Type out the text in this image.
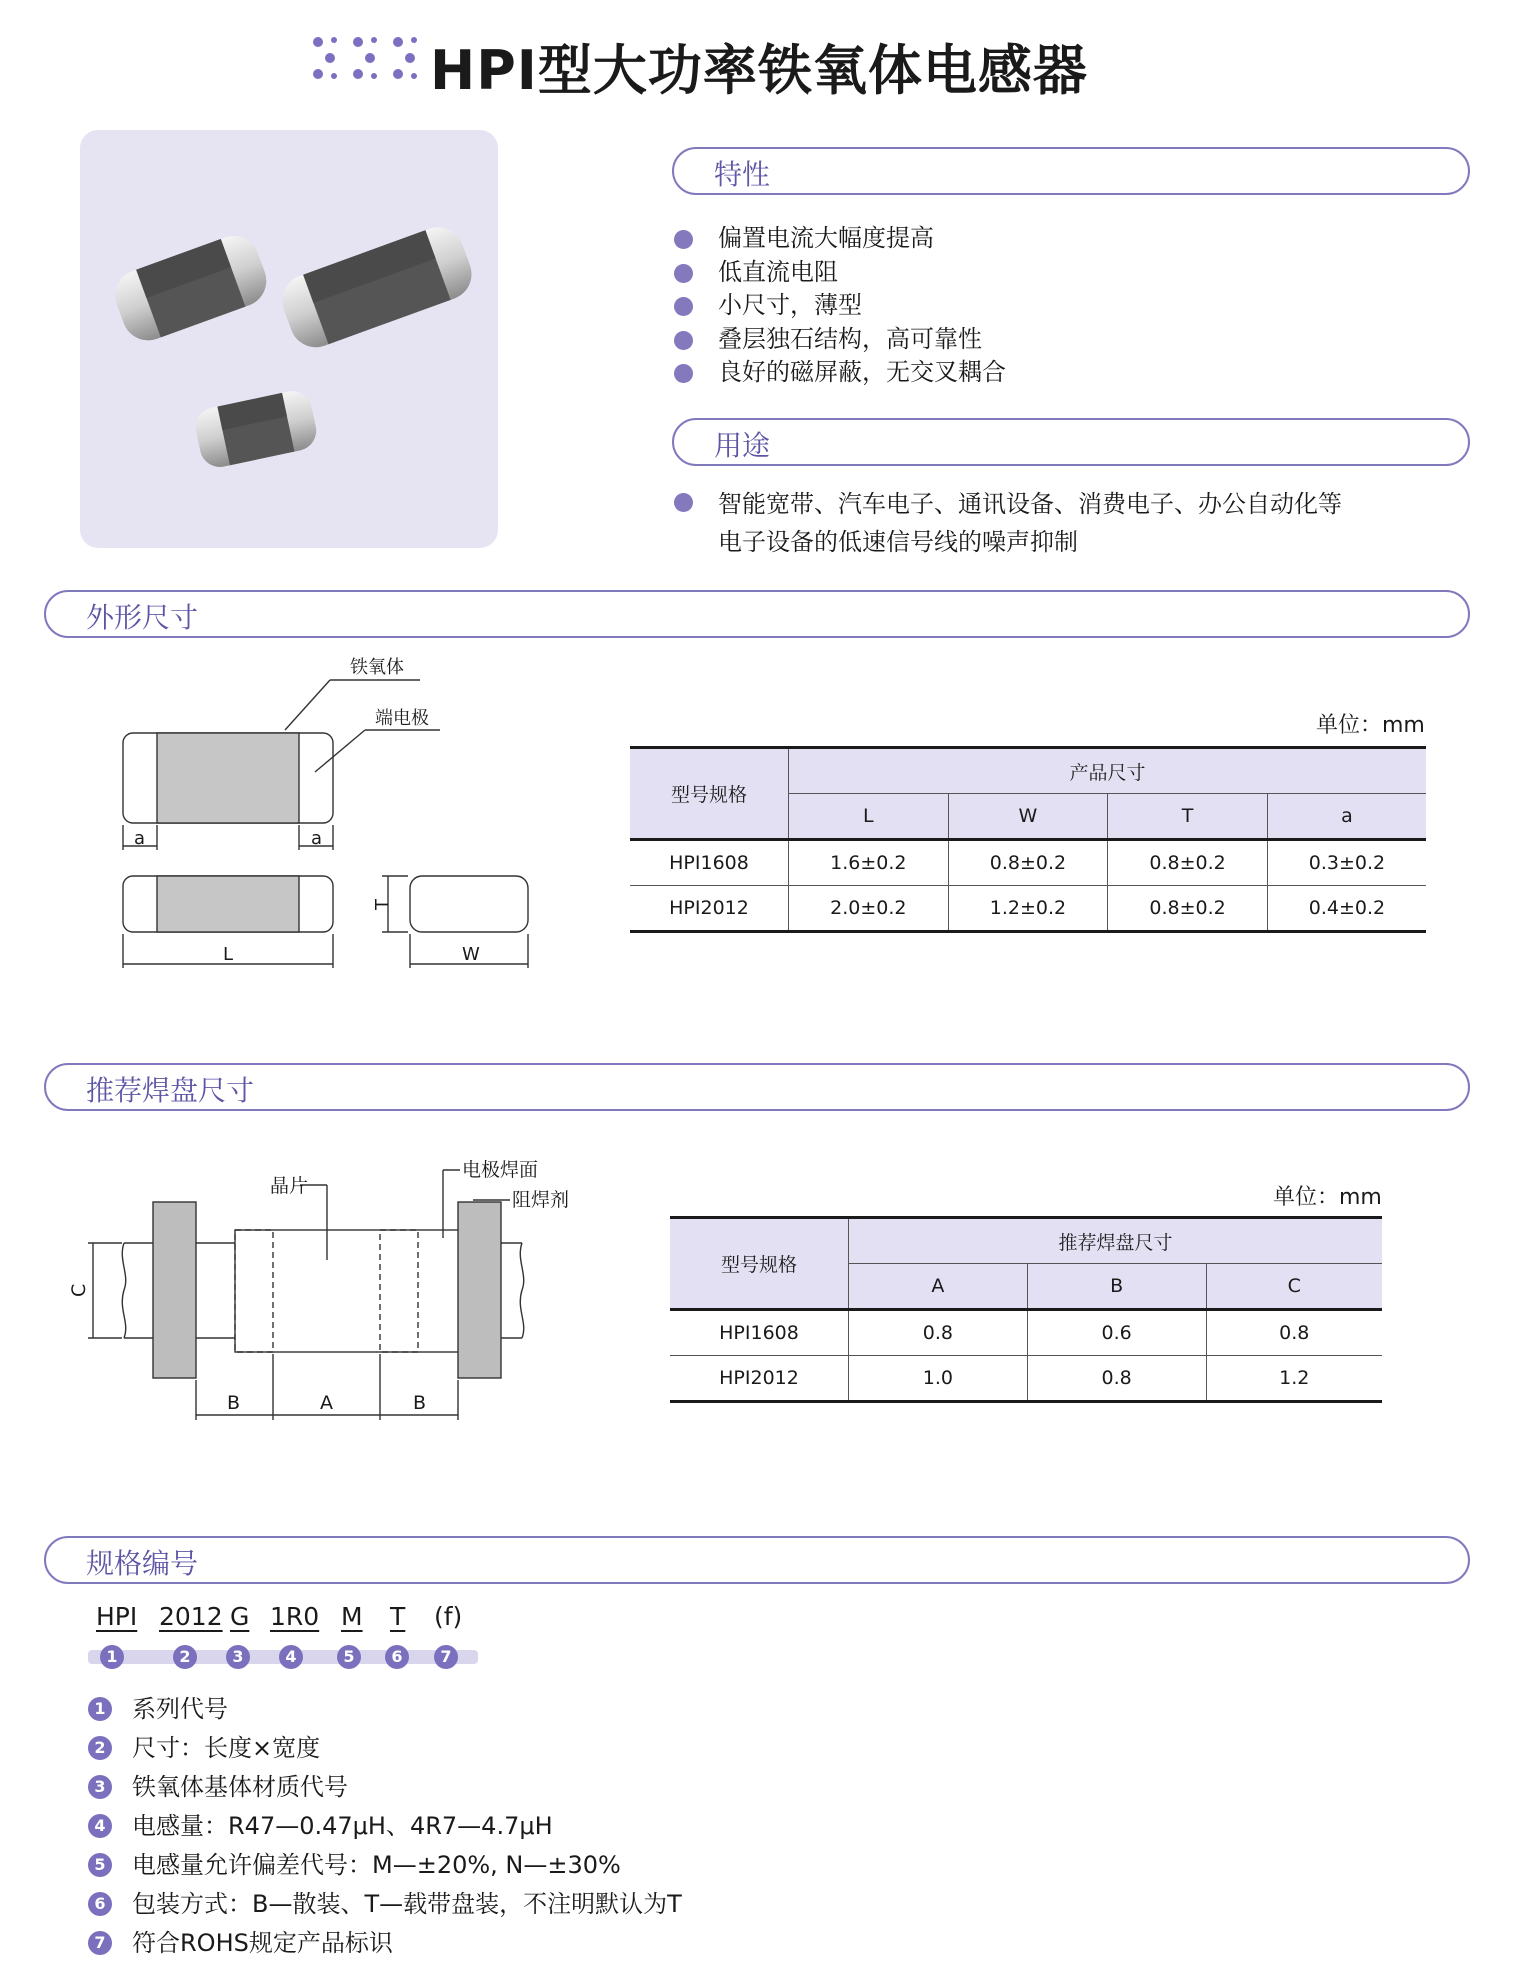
HPI型大功率铁氧体电感器
特性
偏置电流大幅度提高
低直流电阻
小尺寸，薄型
叠层独石结构，高可靠性
良好的磁屏蔽，无交叉耦合
用途
智能宽带、汽车电子、通讯设备、消费电子、办公自动化等
电子设备的低速信号线的噪声抑制
外形尺寸
铁氧体
端电极
a	a
L	W
T
单位：mm
型号规格	产品尺寸			
	L	W	T	a
HPI1608	1.6±0.2	0.8±0.2	0.8±0.2	0.3±0.2
HPI2012	2.0±0.2	1.2±0.2	0.8±0.2	0.4±0.2
推荐焊盘尺寸
晶片
电极焊面
阻焊剂
B	A	B
C
单位：mm
型号规格	推荐焊盘尺寸		
	A	B	C
HPI1608	0.8	0.6	0.8
HPI2012	1.0	0.8	1.2
规格编号
HPI 2012 G 1R0 M T (f)
1	2	3	4	5	6	7
1 系列代号
2 尺寸：长度×宽度
3 铁氧体基体材质代号
4 电感量：R47—0.47μH、4R7—4.7μH
5 电感量允许偏差代号：M—±20%, N—±30%
6 包装方式：B—散装、T—载带盘装，不注明默认为T
7 符合ROHS规定产品标识
